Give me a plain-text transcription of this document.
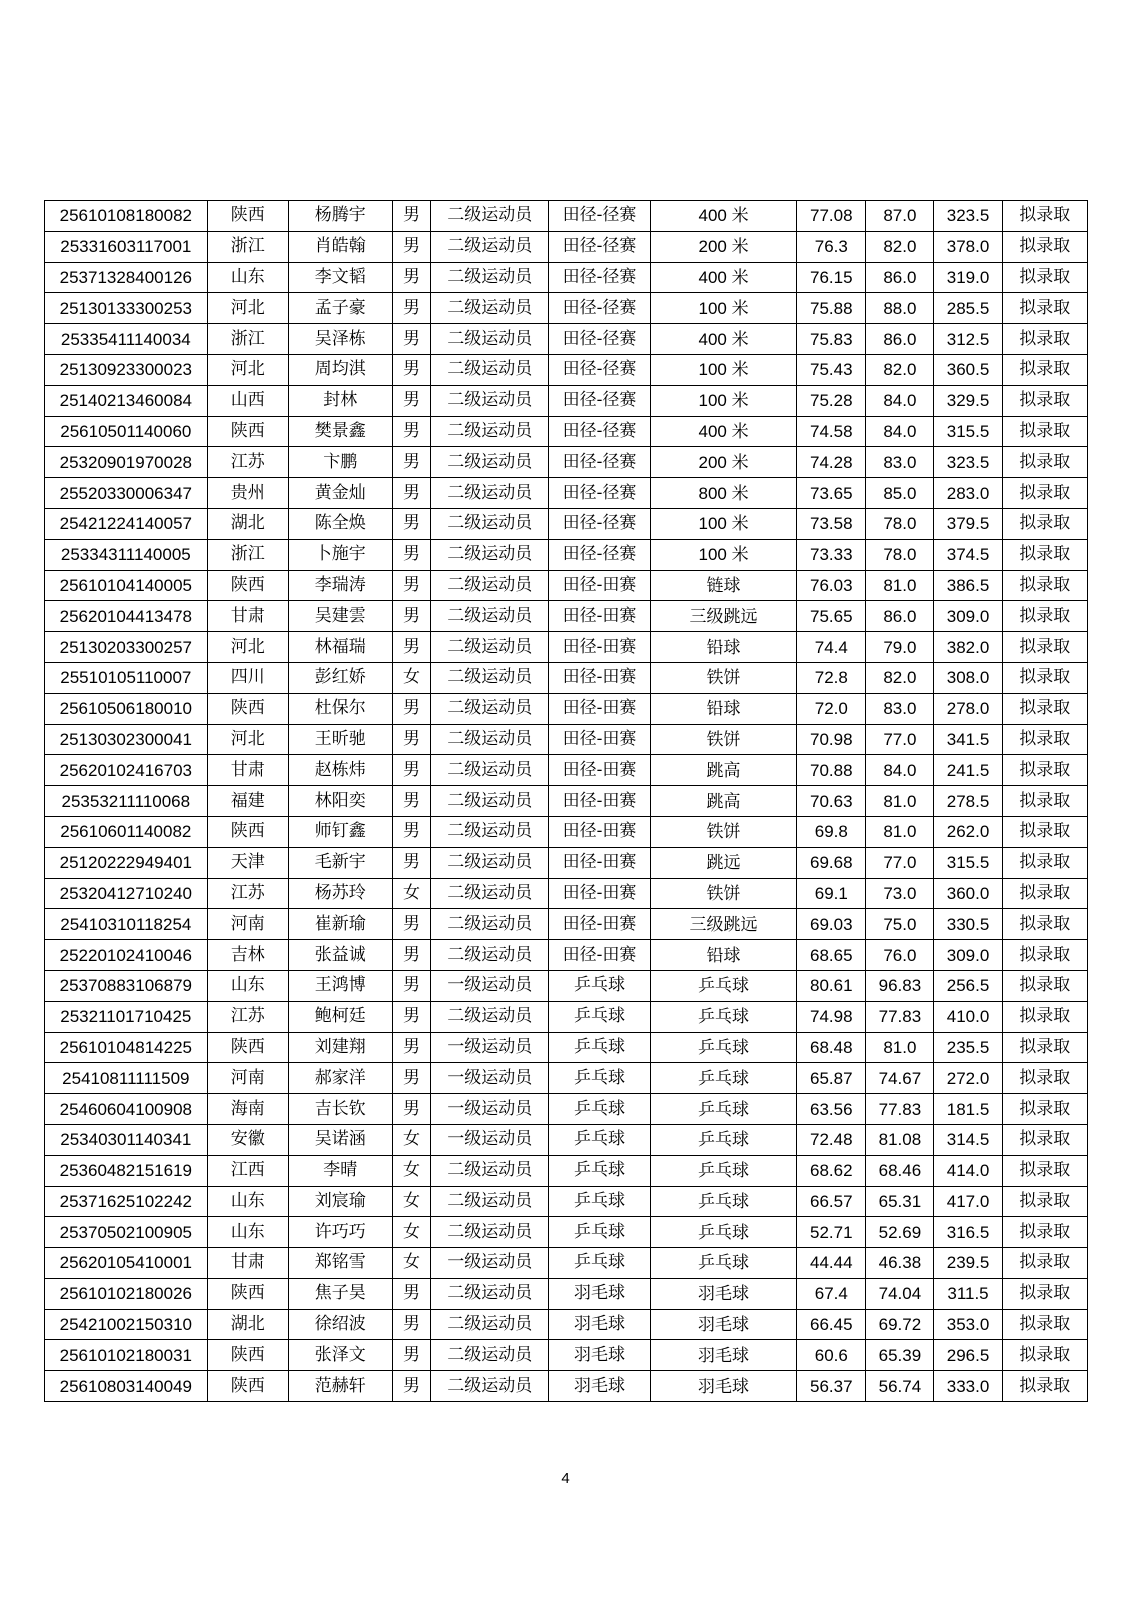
25610108180082	陕西	杨腾宇	男	二级运动员	田径-径赛	400 米	77.08	87.0	323.5	拟录取
25331603117001	浙江	肖皓翰	男	二级运动员	田径-径赛	200 米	76.3	82.0	378.0	拟录取
25371328400126	山东	李文韬	男	二级运动员	田径-径赛	400 米	76.15	86.0	319.0	拟录取
25130133300253	河北	孟子豪	男	二级运动员	田径-径赛	100 米	75.88	88.0	285.5	拟录取
25335411140034	浙江	吴泽栋	男	二级运动员	田径-径赛	400 米	75.83	86.0	312.5	拟录取
25130923300023	河北	周均淇	男	二级运动员	田径-径赛	100 米	75.43	82.0	360.5	拟录取
25140213460084	山西	封林	男	二级运动员	田径-径赛	100 米	75.28	84.0	329.5	拟录取
25610501140060	陕西	樊景鑫	男	二级运动员	田径-径赛	400 米	74.58	84.0	315.5	拟录取
25320901970028	江苏	卞鹏	男	二级运动员	田径-径赛	200 米	74.28	83.0	323.5	拟录取
25520330006347	贵州	黄金灿	男	二级运动员	田径-径赛	800 米	73.65	85.0	283.0	拟录取
25421224140057	湖北	陈全焕	男	二级运动员	田径-径赛	100 米	73.58	78.0	379.5	拟录取
25334311140005	浙江	卜施宇	男	二级运动员	田径-径赛	100 米	73.33	78.0	374.5	拟录取
25610104140005	陕西	李瑞涛	男	二级运动员	田径-田赛	链球	76.03	81.0	386.5	拟录取
25620104413478	甘肃	吴建雲	男	二级运动员	田径-田赛	三级跳远	75.65	86.0	309.0	拟录取
25130203300257	河北	林福瑞	男	二级运动员	田径-田赛	铅球	74.4	79.0	382.0	拟录取
25510105110007	四川	彭红娇	女	二级运动员	田径-田赛	铁饼	72.8	82.0	308.0	拟录取
25610506180010	陕西	杜保尔	男	二级运动员	田径-田赛	铅球	72.0	83.0	278.0	拟录取
25130302300041	河北	王昕驰	男	二级运动员	田径-田赛	铁饼	70.98	77.0	341.5	拟录取
25620102416703	甘肃	赵栋炜	男	二级运动员	田径-田赛	跳高	70.88	84.0	241.5	拟录取
25353211110068	福建	林阳奕	男	二级运动员	田径-田赛	跳高	70.63	81.0	278.5	拟录取
25610601140082	陕西	师钉鑫	男	二级运动员	田径-田赛	铁饼	69.8	81.0	262.0	拟录取
25120222949401	天津	毛新宇	男	二级运动员	田径-田赛	跳远	69.68	77.0	315.5	拟录取
25320412710240	江苏	杨苏玲	女	二级运动员	田径-田赛	铁饼	69.1	73.0	360.0	拟录取
25410310118254	河南	崔新瑜	男	二级运动员	田径-田赛	三级跳远	69.03	75.0	330.5	拟录取
25220102410046	吉林	张益诚	男	二级运动员	田径-田赛	铅球	68.65	76.0	309.0	拟录取
25370883106879	山东	王鸿博	男	一级运动员	乒乓球	乒乓球	80.61	96.83	256.5	拟录取
25321101710425	江苏	鲍柯廷	男	二级运动员	乒乓球	乒乓球	74.98	77.83	410.0	拟录取
25610104814225	陕西	刘建翔	男	一级运动员	乒乓球	乒乓球	68.48	81.0	235.5	拟录取
25410811111509	河南	郝家洋	男	一级运动员	乒乓球	乒乓球	65.87	74.67	272.0	拟录取
25460604100908	海南	吉长钦	男	一级运动员	乒乓球	乒乓球	63.56	77.83	181.5	拟录取
25340301140341	安徽	吴诺涵	女	一级运动员	乒乓球	乒乓球	72.48	81.08	314.5	拟录取
25360482151619	江西	李晴	女	二级运动员	乒乓球	乒乓球	68.62	68.46	414.0	拟录取
25371625102242	山东	刘宸瑜	女	二级运动员	乒乓球	乒乓球	66.57	65.31	417.0	拟录取
25370502100905	山东	许巧巧	女	二级运动员	乒乓球	乒乓球	52.71	52.69	316.5	拟录取
25620105410001	甘肃	郑铭雪	女	一级运动员	乒乓球	乒乓球	44.44	46.38	239.5	拟录取
25610102180026	陕西	焦子昊	男	二级运动员	羽毛球	羽毛球	67.4	74.04	311.5	拟录取
25421002150310	湖北	徐绍波	男	二级运动员	羽毛球	羽毛球	66.45	69.72	353.0	拟录取
25610102180031	陕西	张泽文	男	二级运动员	羽毛球	羽毛球	60.6	65.39	296.5	拟录取
25610803140049	陕西	范赫轩	男	二级运动员	羽毛球	羽毛球	56.37	56.74	333.0	拟录取
4
